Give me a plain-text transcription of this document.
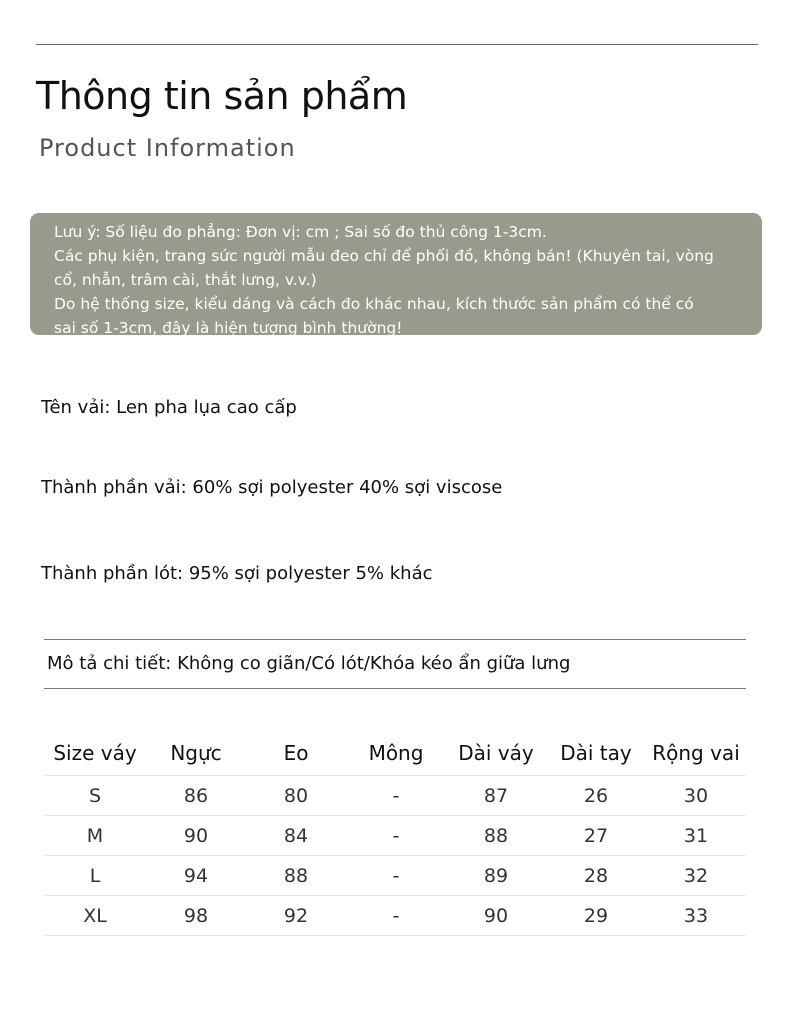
Thông tin sản phẩm
Product Information
Lưu ý: Số liệu đo phẳng: Đơn vị: cm ; Sai số đo thủ công 1-3cm.
Các phụ kiện, trang sức người mẫu đeo chỉ để phối đồ, không bán! (Khuyên tai, vòng
cổ, nhẫn, trâm cài, thắt lưng, v.v.)
Do hệ thống size, kiểu dáng và cách đo khác nhau, kích thước sản phẩm có thể có
sai số 1-3cm, đây là hiện tượng bình thường!
Tên vải: Len pha lụa cao cấp
Thành phần vải: 60% sợi polyester 40% sợi viscose
Thành phần lót: 95% sợi polyester 5% khác
Mô tả chi tiết: Không co giãn/Có lót/Khóa kéo ẩn giữa lưng
Size váy	Ngực	Eo	Mông	Dài váy	Dài tay	Rộng vai
S	86	80	-	87	26	30
M	90	84	-	88	27	31
L	94	88	-	89	28	32
XL	98	92	-	90	29	33
